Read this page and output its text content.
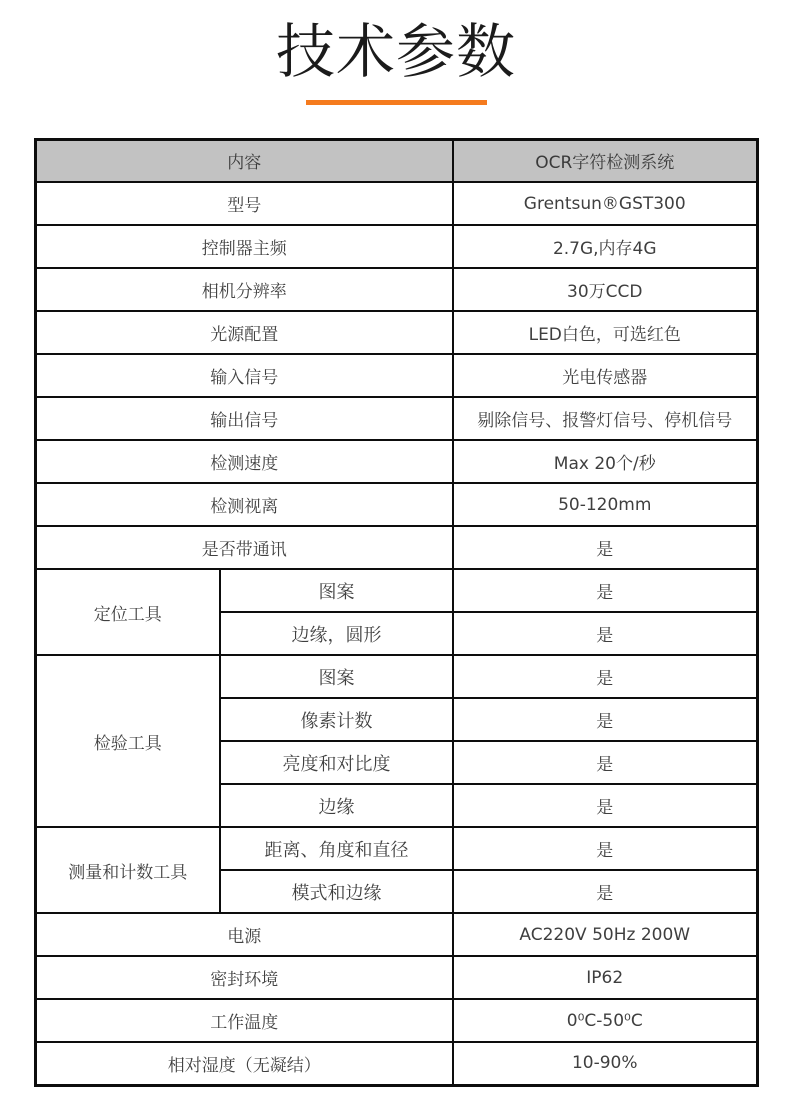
技术参数
内容		OCR字符检测系统
型号		Grentsun®GST300
控制器主频		2.7G,内存4G
相机分辨率		30万CCD
光源配置		LED白色，可选红色
输入信号		光电传感器
输出信号		剔除信号、报警灯信号、停机信号
检测速度		Max 20个/秒
检测视离		50-120mm
是否带通讯		是
定位工具	图案	是
	边缘，圆形	是
检验工具	图案	是
	像素计数	是
	亮度和对比度	是
	边缘	是
测量和计数工具	距离、角度和直径	是
	模式和边缘	是
电源		AC220V 50Hz 200W
密封环境		IP62
工作温度		0⁰C-50⁰C
相对湿度（无凝结）		10-90%
